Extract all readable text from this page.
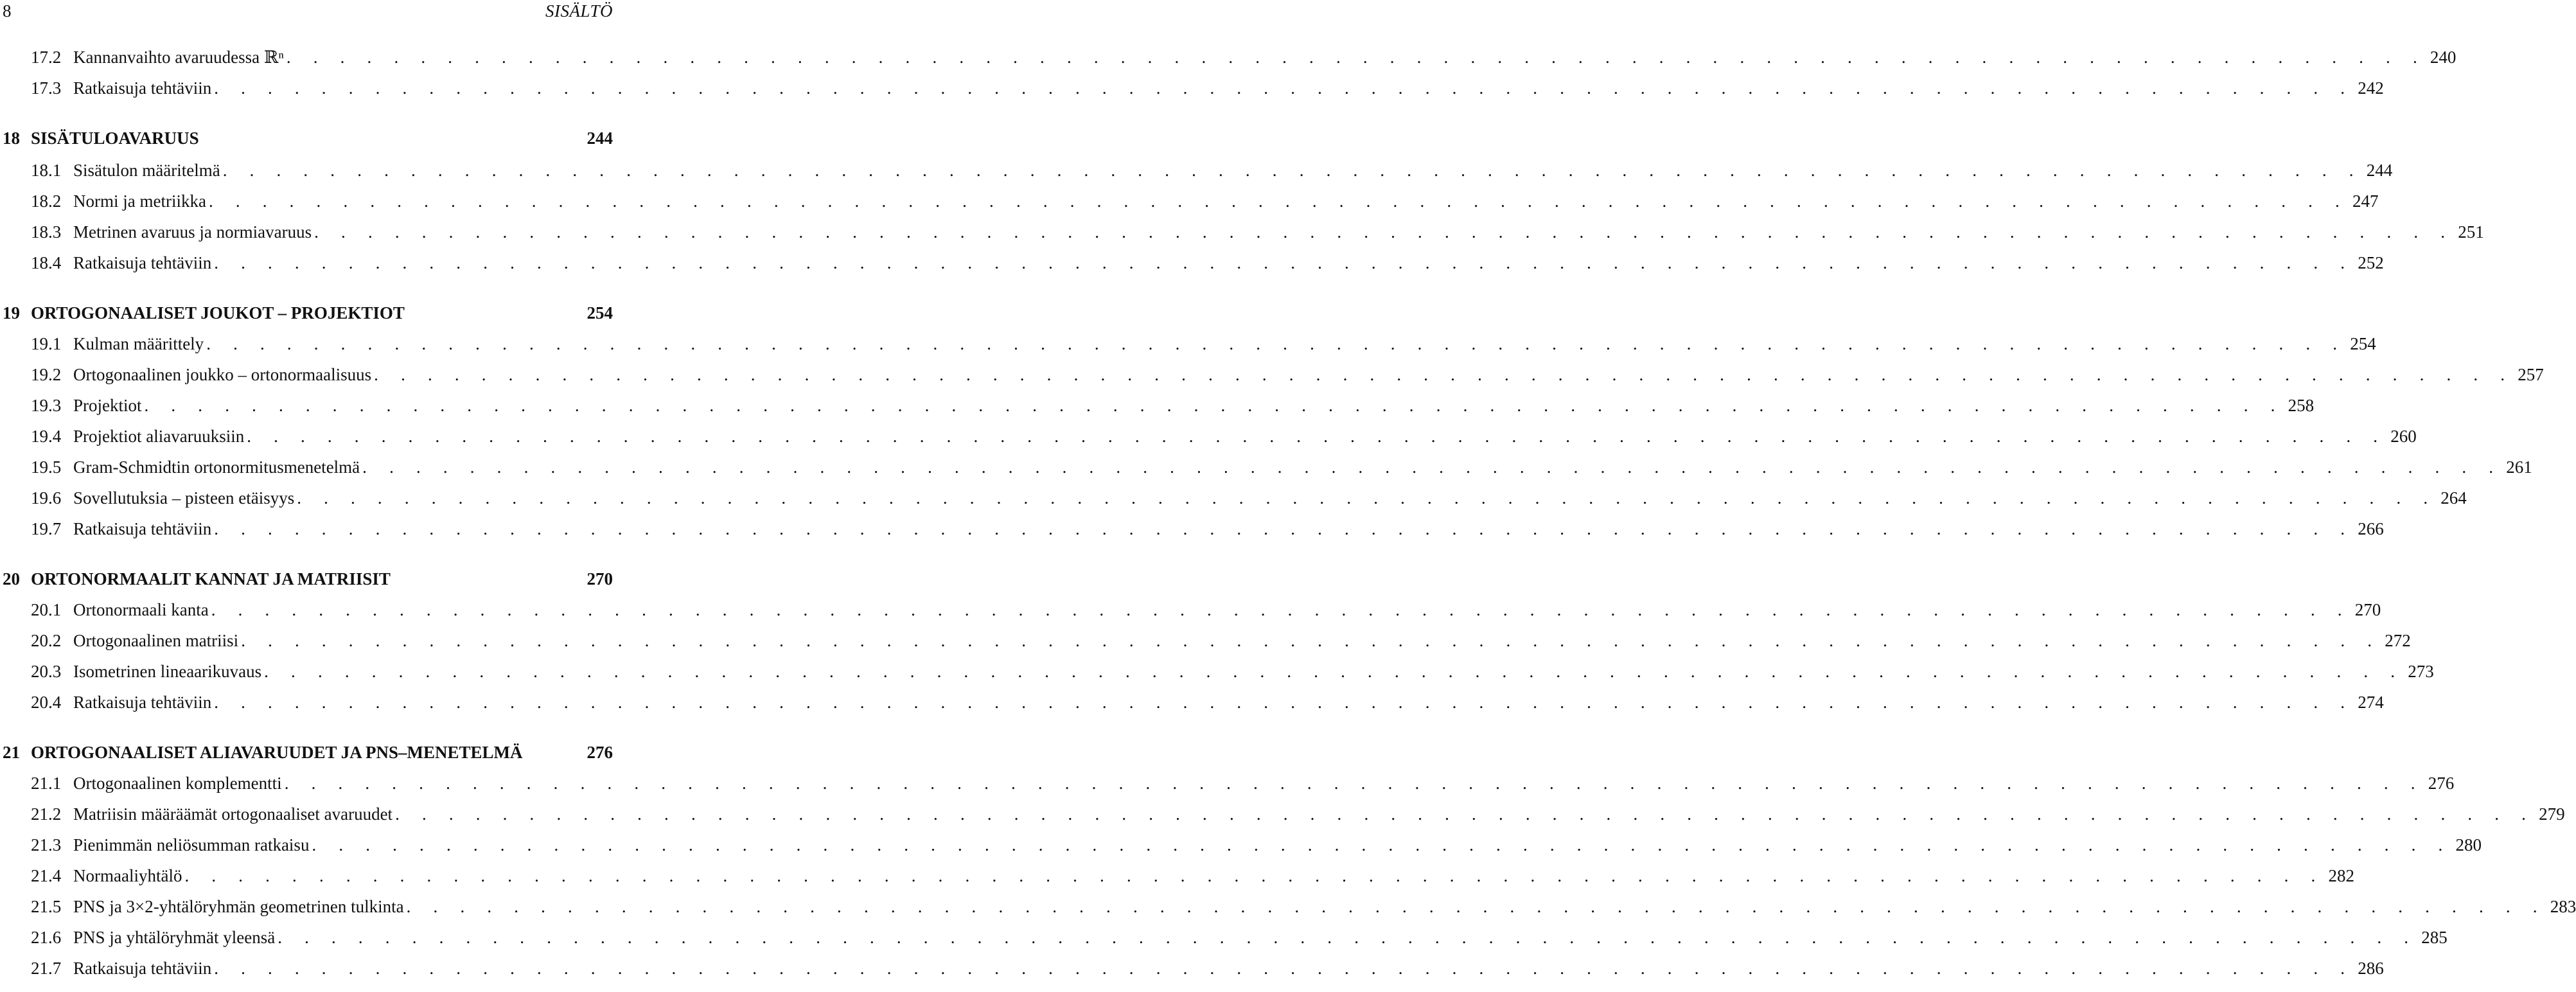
8	SISÄLTÖ
17.2 Kannanvaihto avaruudessa ℝⁿ . . . . . . . . . . . . . . . . . . . . . . . . . . . . . . . . . . . . . . . . . . . . . . . . . . . . . . . . . . . . . . . . . . . . . . . . . . . . . . . . 240
17.3 Ratkaisuja tehtäviin . . . . . . . . . . . . . . . . . . . . . . . . . . . . . . . . . . . . . . . . . . . . . . . . . . . . . . . . . . . . . . . . . . . . . . . . . . . . . . . . 242
18 SISÄTULOAVARUUS	244
18.1 Sisätulon määritelmä . . . . . . . . . . . . . . . . . . . . . . . . . . . . . . . . . . . . . . . . . . . . . . . . . . . . . . . . . . . . . . . . . . . . . . . . . . . . . . . . 244
18.2 Normi ja metriikka . . . . . . . . . . . . . . . . . . . . . . . . . . . . . . . . . . . . . . . . . . . . . . . . . . . . . . . . . . . . . . . . . . . . . . . . . . . . . . . . 247
18.3 Metrinen avaruus ja normiavaruus . . . . . . . . . . . . . . . . . . . . . . . . . . . . . . . . . . . . . . . . . . . . . . . . . . . . . . . . . . . . . . . . . . . . . . . . . . . . . . . . 251
18.4 Ratkaisuja tehtäviin . . . . . . . . . . . . . . . . . . . . . . . . . . . . . . . . . . . . . . . . . . . . . . . . . . . . . . . . . . . . . . . . . . . . . . . . . . . . . . . . 252
19 ORTOGONAALISET JOUKOT – PROJEKTIOT	254
19.1 Kulman määrittely . . . . . . . . . . . . . . . . . . . . . . . . . . . . . . . . . . . . . . . . . . . . . . . . . . . . . . . . . . . . . . . . . . . . . . . . . . . . . . . . 254
19.2 Ortogonaalinen joukko – ortonormaalisuus . . . . . . . . . . . . . . . . . . . . . . . . . . . . . . . . . . . . . . . . . . . . . . . . . . . . . . . . . . . . . . . . . . . . . . . . . . . . . . . . 257
19.3 Projektiot . . . . . . . . . . . . . . . . . . . . . . . . . . . . . . . . . . . . . . . . . . . . . . . . . . . . . . . . . . . . . . . . . . . . . . . . . . . . . . . . 258
19.4 Projektiot aliavaruuksiin . . . . . . . . . . . . . . . . . . . . . . . . . . . . . . . . . . . . . . . . . . . . . . . . . . . . . . . . . . . . . . . . . . . . . . . . . . . . . . . . 260
19.5 Gram-Schmidtin ortonormitusmenetelmä . . . . . . . . . . . . . . . . . . . . . . . . . . . . . . . . . . . . . . . . . . . . . . . . . . . . . . . . . . . . . . . . . . . . . . . . . . . . . . . . 261
19.6 Sovellutuksia – pisteen etäisyys . . . . . . . . . . . . . . . . . . . . . . . . . . . . . . . . . . . . . . . . . . . . . . . . . . . . . . . . . . . . . . . . . . . . . . . . . . . . . . . . 264
19.7 Ratkaisuja tehtäviin . . . . . . . . . . . . . . . . . . . . . . . . . . . . . . . . . . . . . . . . . . . . . . . . . . . . . . . . . . . . . . . . . . . . . . . . . . . . . . . . 266
20 ORTONORMAALIT KANNAT JA MATRIISIT	270
20.1 Ortonormaali kanta . . . . . . . . . . . . . . . . . . . . . . . . . . . . . . . . . . . . . . . . . . . . . . . . . . . . . . . . . . . . . . . . . . . . . . . . . . . . . . . . 270
20.2 Ortogonaalinen matriisi . . . . . . . . . . . . . . . . . . . . . . . . . . . . . . . . . . . . . . . . . . . . . . . . . . . . . . . . . . . . . . . . . . . . . . . . . . . . . . . . 272
20.3 Isometrinen lineaarikuvaus . . . . . . . . . . . . . . . . . . . . . . . . . . . . . . . . . . . . . . . . . . . . . . . . . . . . . . . . . . . . . . . . . . . . . . . . . . . . . . . . 273
20.4 Ratkaisuja tehtäviin . . . . . . . . . . . . . . . . . . . . . . . . . . . . . . . . . . . . . . . . . . . . . . . . . . . . . . . . . . . . . . . . . . . . . . . . . . . . . . . . 274
21 ORTOGONAALISET ALIAVARUUDET JA PNS–MENETELMÄ	276
21.1 Ortogonaalinen komplementti . . . . . . . . . . . . . . . . . . . . . . . . . . . . . . . . . . . . . . . . . . . . . . . . . . . . . . . . . . . . . . . . . . . . . . . . . . . . . . . . 276
21.2 Matriisin määräämät ortogonaaliset avaruudet . . . . . . . . . . . . . . . . . . . . . . . . . . . . . . . . . . . . . . . . . . . . . . . . . . . . . . . . . . . . . . . . . . . . . . . . . . . . . . . . 279
21.3 Pienimmän neliösumman ratkaisu . . . . . . . . . . . . . . . . . . . . . . . . . . . . . . . . . . . . . . . . . . . . . . . . . . . . . . . . . . . . . . . . . . . . . . . . . . . . . . . . 280
21.4 Normaaliyhtälö . . . . . . . . . . . . . . . . . . . . . . . . . . . . . . . . . . . . . . . . . . . . . . . . . . . . . . . . . . . . . . . . . . . . . . . . . . . . . . . . 282
21.5 PNS ja 3×2-yhtälöryhmän geometrinen tulkinta . . . . . . . . . . . . . . . . . . . . . . . . . . . . . . . . . . . . . . . . . . . . . . . . . . . . . . . . . . . . . . . . . . . . . . . . . . . . . . . . 283
21.6 PNS ja yhtälöryhmät yleensä . . . . . . . . . . . . . . . . . . . . . . . . . . . . . . . . . . . . . . . . . . . . . . . . . . . . . . . . . . . . . . . . . . . . . . . . . . . . . . . . 285
21.7 Ratkaisuja tehtäviin . . . . . . . . . . . . . . . . . . . . . . . . . . . . . . . . . . . . . . . . . . . . . . . . . . . . . . . . . . . . . . . . . . . . . . . . . . . . . . . . 286
